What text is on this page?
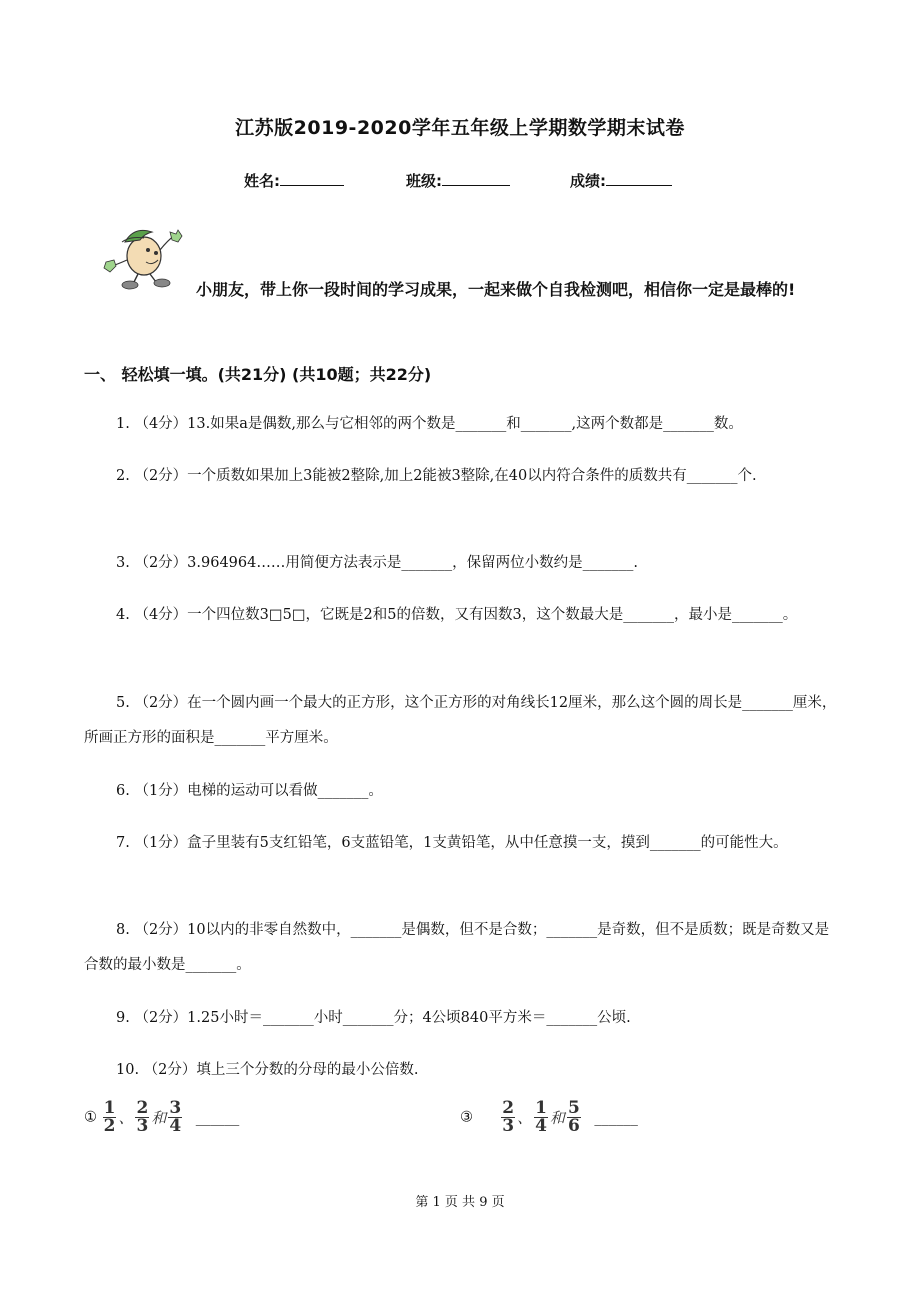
江苏版2019-2020学年五年级上学期数学期末试卷
姓名:	班级:	成绩:
小朋友，带上你一段时间的学习成果，一起来做个自我检测吧，相信你一定是最棒的!
一、 轻松填一填。(共21分) (共10题；共22分)
1. （4分）13.如果a是偶数,那么与它相邻的两个数是_______和_______,这两个数都是_______数。
2. （2分）一个质数如果加上3能被2整除,加上2能被3整除,在40以内符合条件的质数共有_______个.
3. （2分）3.964964……用简便方法表示是_______，保留两位小数约是_______.
4. （4分）一个四位数3□5□，它既是2和5的倍数，又有因数3，这个数最大是_______，最小是_______。
5. （2分）在一个圆内画一个最大的正方形，这个正方形的对角线长12厘米，那么这个圆的周长是_______厘米，所画正方形的面积是_______平方厘米。
6. （1分）电梯的运动可以看做_______。
7. （1分）盒子里装有5支红铅笔，6支蓝铅笔，1支黄铅笔，从中任意摸一支，摸到_______的可能性大。
8. （2分）10以内的非零自然数中，_______是偶数，但不是合数；_______是奇数，但不是质数；既是奇数又是合数的最小数是_______。
9. （2分）1.25小时＝_______小时_______分；4公顷840平方米＝_______公顷.
10. （2分）填上三个分数的分母的最小公倍数.
① $\frac{1}{2}$ 、 $\frac{2}{3}$ 和 $\frac{3}{4}$ ______	③ $\frac{2}{3}$ 、 $\frac{1}{4}$ 和 $\frac{5}{6}$ ______
第 1 页 共 9 页
